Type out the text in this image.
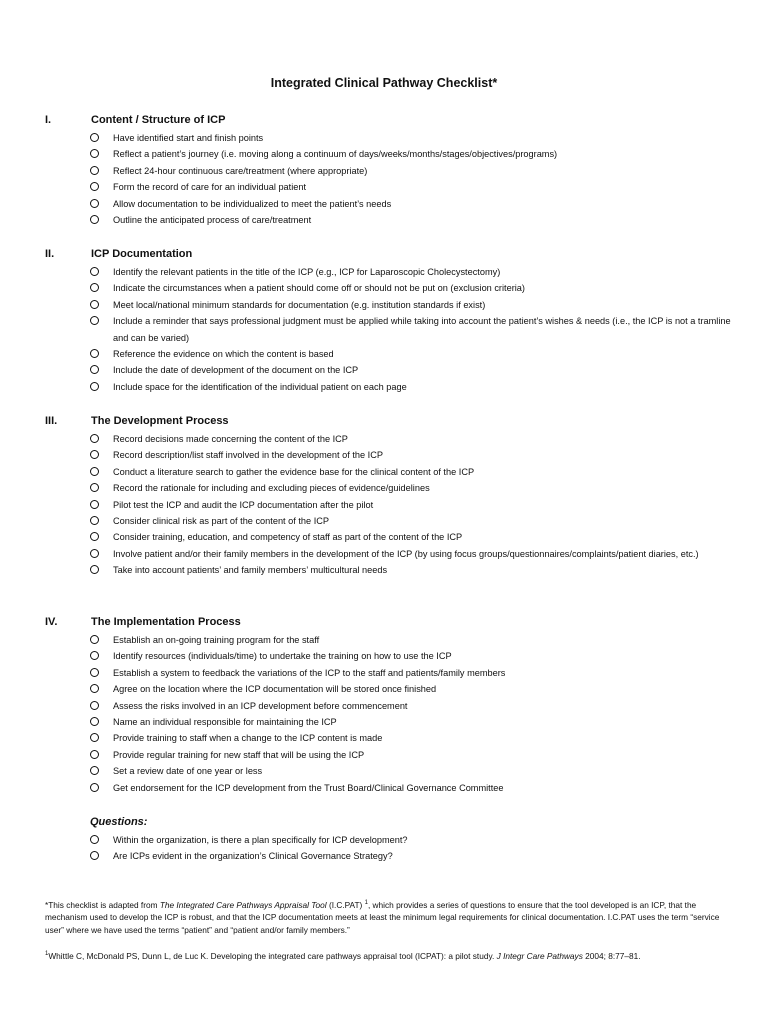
Integrated Clinical Pathway Checklist*
I.	Content / Structure of ICP
Have identified start and finish points
Reflect a patient’s journey (i.e. moving along a continuum of days/weeks/months/stages/objectives/programs)
Reflect 24-hour continuous care/treatment (where appropriate)
Form the record of care for an individual patient
Allow documentation to be individualized to meet the patient’s needs
Outline the anticipated process of care/treatment
II.	ICP Documentation
Identify the relevant patients in the title of the ICP (e.g., ICP for Laparoscopic Cholecystectomy)
Indicate the circumstances when a patient should come off or should not be put on (exclusion criteria)
Meet local/national minimum standards for documentation (e.g. institution standards if exist)
Include a reminder that says professional judgment must be applied while taking into account the patient’s wishes & needs (i.e., the ICP is not a tramline and can be varied)
Reference the evidence on which the content is based
Include the date of development of the document on the ICP
Include space for the identification of the individual patient on each page
III.	The Development Process
Record decisions made concerning the content of the ICP
Record description/list staff involved in the development of the ICP
Conduct a literature search to gather the evidence base for the clinical content of the ICP
Record the rationale for including and excluding pieces of evidence/guidelines
Pilot test the ICP and audit the ICP documentation after the pilot
Consider clinical risk as part of the content of the ICP
Consider training, education, and competency of staff as part of the content of the ICP
Involve patient and/or their family members in the development of the ICP (by using focus groups/questionnaires/complaints/patient diaries, etc.)
Take into account patients’ and family members’ multicultural needs
IV.	The Implementation Process
Establish an on-going training program for the staff
Identify resources (individuals/time) to undertake the training on how to use the ICP
Establish a system to feedback the variations of the ICP to the staff and patients/family members
Agree on the location where the ICP documentation will be stored once finished
Assess the risks involved in an ICP development before commencement
Name an individual responsible for maintaining the ICP
Provide training to staff when a change to the ICP content is made
Provide regular training for new staff that will be using the ICP
Set a review date of one year or less
Get endorsement for the ICP development from the Trust Board/Clinical Governance Committee
Questions:
Within the organization, is there a plan specifically for ICP development?
Are ICPs evident in the organization’s Clinical Governance Strategy?
*This checklist is adapted from The Integrated Care Pathways Appraisal Tool (I.C.PAT) $^1$, which provides a series of questions to ensure that the tool developed is an ICP, that the mechanism used to develop the ICP is robust, and that the ICP documentation meets at least the minimum legal requirements for clinical documentation. I.C.PAT uses the term “service user” where we have used the terms “patient” and “patient and/or family members.”
$^1$Whittle C, McDonald PS, Dunn L, de Luc K. Developing the integrated care pathways appraisal tool (ICPAT): a pilot study. J Integr Care Pathways 2004; 8:77–81.
